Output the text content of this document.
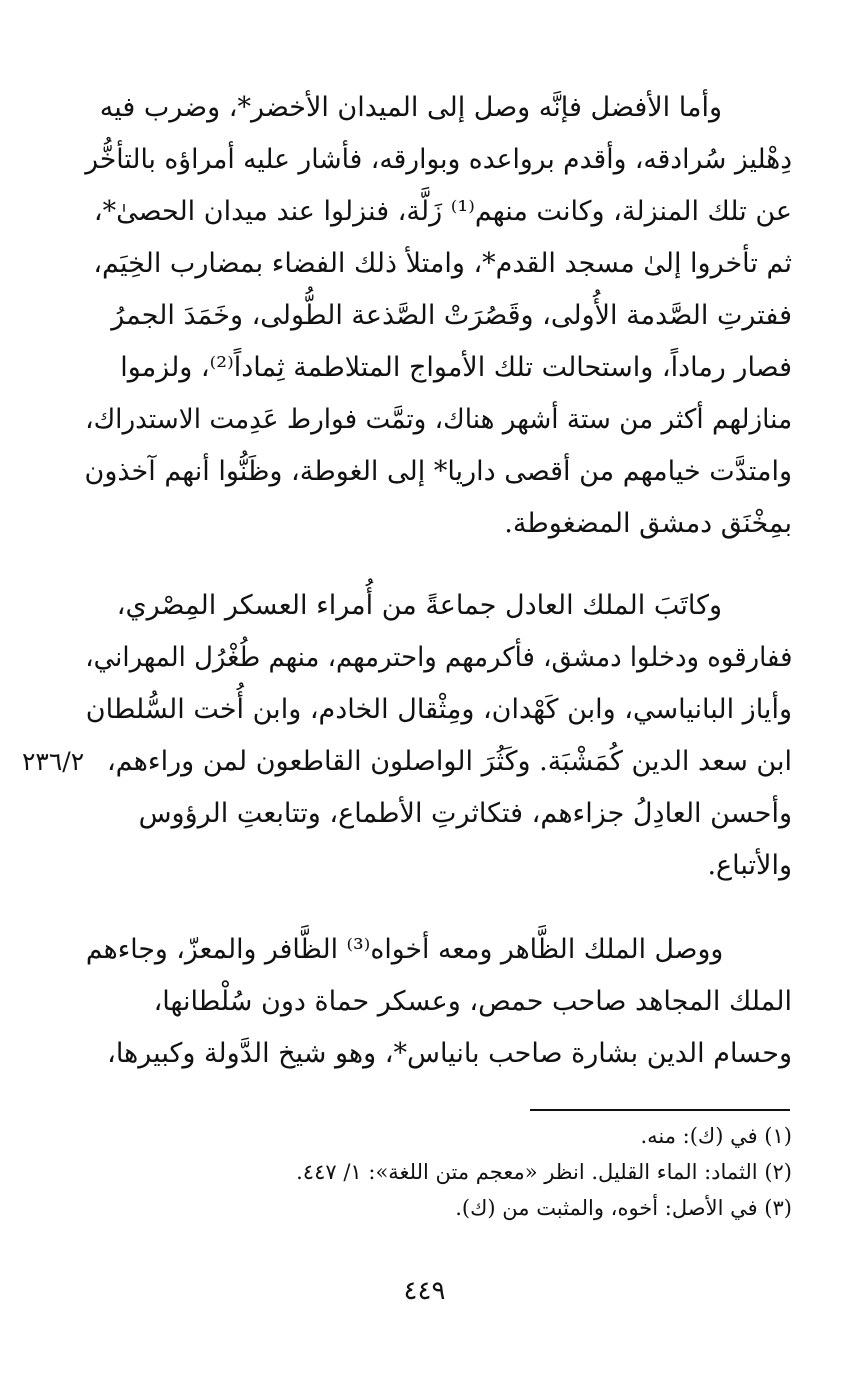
وأما الأفضل فإنَّه وصل إلى الميدان الأخضر*، وضرب فيه
دِهْليز سُرادقه، وأقدم برواعده وبوارقه، فأشار عليه أمراؤه بالتأخُّر
عن تلك المنزلة، وكانت منهم⁽¹⁾ زَلَّة، فنزلوا عند ميدان الحصىٰ*،
ثم تأخروا إلىٰ مسجد القدم*، وامتلأ ذلك الفضاء بمضارب الخِيَم،
ففترتِ الصَّدمة الأُولى، وقَصُرَتْ الصَّذعة الطُّولى، وخَمَدَ الجمرُ
فصار رماداً، واستحالت تلك الأمواج المتلاطمة ثِماداً⁽²⁾، ولزموا
منازلهم أكثر من ستة أشهر هناك، وتمَّت فوارط عَدِمت الاستدراك،
وامتدَّت خيامهم من أقصى داريا* إلى الغوطة، وظَنُّوا أنهم آخذون
بمِخْنَق دمشق المضغوطة.
وكاتَبَ الملك العادل جماعةً من أُمراء العسكر المِصْري،
ففارقوه ودخلوا دمشق، فأكرمهم واحترمهم، منهم طُغْرُل المهراني،
وأياز البانياسي، وابن كَهْدان، ومِثْقال الخادم، وابن أُخت السُّلطان
ابن سعد الدين كُمَشْبَة. وكَثُرَ الواصلون القاطعون لمن وراءهم،
وأحسن العادِلُ جزاءهم، فتكاثرتِ الأطماع، وتتابعتِ الرؤوس
والأتباع.
٢٣٦/٢
ووصل الملك الظَّاهر ومعه أخواه⁽³⁾ الظَّافر والمعزّ، وجاءهم
الملك المجاهد صاحب حمص، وعسكر حماة دون سُلْطانها،
وحسام الدين بشارة صاحب بانياس*، وهو شيخ الدَّولة وكبيرها،
(١) في (ك): منه.
(٢) الثماد: الماء القليل. انظر «معجم متن اللغة»: ١/ ٤٤٧.
(٣) في الأصل: أخوه، والمثبت من (ك).
٤٤٩
